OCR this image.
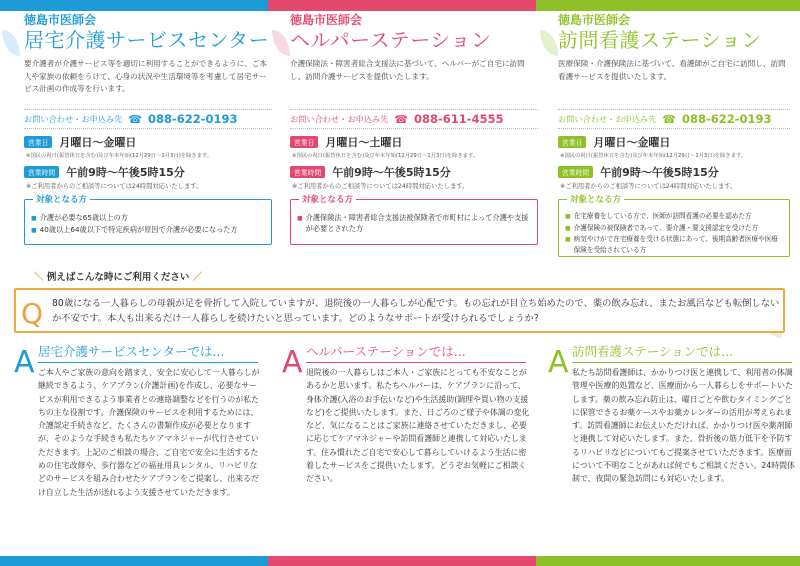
徳島市医師会
居宅介護サービスセンター
要介護者が介護サービス等を適切に利用することができるように、ご本人や家族の依頼をうけて、心身の状況や生活環境等を考慮して居宅サービス計画の作成等を行います。
お問い合わせ・お申込み先 ☎ 088-622-0193
営業日	月曜日～金曜日
※国民の祝日(振替休日を含む)及び年末年始(12月29日～1月3日)を除きます。
営業時間	午前9時～午後5時15分
※ご利用者からのご相談等については24時間対応いたします。
対象となる方
■ 介護が必要な65歳以上の方
■ 40歳以上64歳以下で特定疾病が原因で介護が必要になった方
徳島市医師会
ヘルパーステーション
介護保険法・障害者総合支援法に基づいて、ヘルパーがご自宅に訪問し、訪問介護サービスを提供いたします。
お問い合わせ・お申込み先 ☎ 088-611-4555
営業日	月曜日～土曜日
※国民の祝日(振替休日を含む)及び年末年始(12月29日～1月3日)を除きます。
営業時間	午前9時～午後5時15分
※ご利用者からのご相談等については24時間対応いたします。
対象となる方
■ 介護保険法・障害者総合支援法被保険者で市町村によって介護や支援が必要とされた方
徳島市医師会
訪問看護ステーション
医療保険・介護保険法に基づいて、看護師がご自宅に訪問し、訪問看護サービスを提供いたします。
お問い合わせ・お申込み先 ☎ 088-622-0193
営業日	月曜日～金曜日
※国民の祝日(振替休日を含む)及び年末年始(12月29日～1月3日)を除きます。
営業時間	午前9時～午後5時15分
※ご利用者からのご相談等については24時間対応いたします。
対象となる方
■ 在宅療養をしている方で、医師が訪問看護の必要を認めた方
■ 介護保険の被保険者であって、要介護・要支援認定を受けた方
■ 病気やけがで在宅療養を受ける状態にあって、後期高齢者医療や医療保険を受給されている方
＼ 例えばこんな時にご利用ください ／
Q 80歳になる一人暮らしの母親が足を骨折して入院していますが、退院後の一人暮らしが心配です。もの忘れが目立ち始めたので、薬の飲み忘れ、またお風呂なども転倒しないか不安です。本人も出来るだけ一人暮らしを続けたいと思っています。どのようなサポートが受けられるでしょうか?
A 居宅介護サービスセンターでは...
ご本人やご家族の意向を踏まえ、安全に安心して一人暮らしが継続できるよう、ケアプラン(介護計画)を作成し、必要なサービスが利用できるよう事業者との連絡調整などを行うのが私たちの主な役割です。介護保険のサービスを利用するためには、介護認定手続きなど、たくさんの書類作成が必要となりますが、そのような手続きも私たちケアマネジャーが代行させていただきます。上記のご相談の場合、ご自宅で安全に生活するための住宅改修や、歩行器などの福祉用具レンタル、リハビリなどのサービスを組み合わせたケアプランをご提案し、出来るだけ自立した生活が送れるよう支援させていただきます。
A ヘルパーステーションでは...
退院後の一人暮らしはご本人・ご家族にとっても不安なことがあるかと思います。私たちヘルパーは、ケアプランに沿って、身体介護(入浴のお手伝いなど)や生活援助(調理や買い物の支援など)をご提供いたします。また、日ごろのご様子や体調の変化など、気になることはご家族に連絡させていただきまし、必要に応じてケアマネジャーや訪問看護師と連携して対応いたします。住み慣れたご自宅で安心して暮らしていけるよう生活に密着したサービスをご提供いたします。どうぞお気軽にご相談ください。
A 訪問看護ステーションでは...
私たち訪問看護師は、かかりつけ医と連携して、利用者の体調管理や医療的処置など、医療面から一人暮らしをサポートいたします。薬の飲み忘れ防止は、曜日ごとや飲むタイミングごとに保管できるお薬ケースやお薬カレンダーの活用が考えられます。訪問看護師にお伝えいただければ、かかりつけ医や薬剤師と連携して対応いたします。また、骨折後の筋力低下を予防するリハビリなどについてもご提案させていただきます。医療面について不明なことがあれば何でもご相談ください。24時間体制で、夜間の緊急訪問にも対応いたします。
